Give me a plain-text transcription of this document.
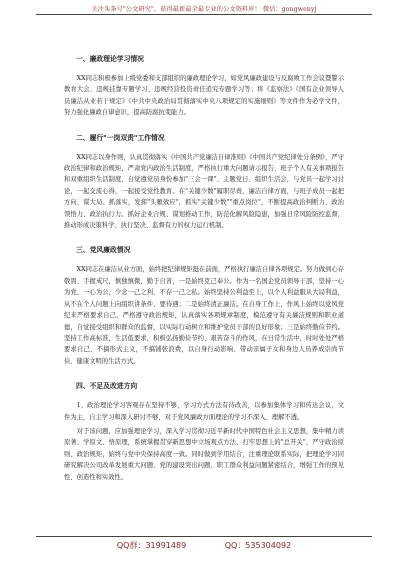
关注头条号"公文研究"，获得最新最全最专业的公文资料库！ 微信：gongwenyj
一、廉政理论学习情况

XX同志积极参加上级党委和支部组织的廉政理论学习，如党风廉政建设与反腐败工作会议暨警示教育大会、违规挂靠专题学习、违规经营投资责任追究专题学习等；将《监察法》《国有企业领导人员廉洁从业若干规定》《中共中央政治局贯彻落实中央八项规定的实施细则》等文件作为必学文件，努力强化廉政自律意识，提高防腐抗变能力。

二、履行"一岗双责"工作情况

XX同志以身作则，认真贯彻落实《中国共产党廉洁自律准则》《中国共产党纪律处分条例》，严守政治纪律和政治规矩，严肃党内政治生活制度，严格执行重大问题请示报告、班子个人有关事项报告和双重组织生活制度，自觉遵党员身份参加"三会一课"、主题党日、组织生活会，与党员一起学习讨论，一起交流心得，一起接受党性教育。在"关键少数"履职尽责，廉洁自律方面，与班子成员一起把方向、谋大局、抓落实，发挥"头雁效应"，抓实"关键少数""重点岗位"，不断提高政治判断力、政治领悟力、政治执行力。抓好企业合规、谋划推动工作，防范化解风险隐患，加强日常风险防控监督，推动形成决策科学、执行坚决、监督有力的权力运行机制。

三、党风廉政情况

XX同志在廉洁从业方面，始终把纪律规矩挺在前面，严格执行廉洁自律各项规定。努力做到心存敬畏、手握戒尺，慎独慎微，勤于自省，一是始终克己奉公。作为一名国企党员领导干部，坚持一心为党、一心为公，少念一己之利，不存一己之私。始终坚持公利益至上，以个人利益服从大局利益，从不在个人问题上向组织讲条件、要待遇；二是始终清正廉洁。在自身工作上，作风上始终以党风党纪来严格要求自己，严格遵守政治规矩，认真落实各项规章制度，模范遵守有关廉洁规则和职业道德，自觉接受组织和群众的监督，以实际行动树立和维护党员干部的良好形象；三是始终勤俭节约。坚持工作高标准，生活低要求，积极弘扬勤俭节约、艰苦奋斗的作风，在日常生活中，时时处处严格要求自己，不搞形式主义，不搞铺张浪费，以自身行动影响、带动亲属子女和身边人员养成崇尚节俭、健康文明的生活方式。

四、不足及改进方向

1、政治理论学习客观存在坚持不够，学习方式方法有待改善，以参加集体学习和传达会议，文件为主，自主学习和深入研讨不够，对于党风廉政方面理论的学习不深入、理解不透。

对于该问题，应加强理论学习，深入学习贯彻习近平新时代中国特色社会主义思想，集中精力读原著、学原文、悟原理，系统掌握贯穿新思想中立场观点方法，打牢思想上的"总开关"，严守政治原则、政治规矩，始终与党中央保持高度一致。同时做到学用结合，注重理论联系实际，把理论学习同研究解决公司改革发展重大问题、党的建设突出问题、职工群众利益问题紧密结合，增强工作的预见性、创造性和实效性。

QQ群：31991489	QQ：535304092
